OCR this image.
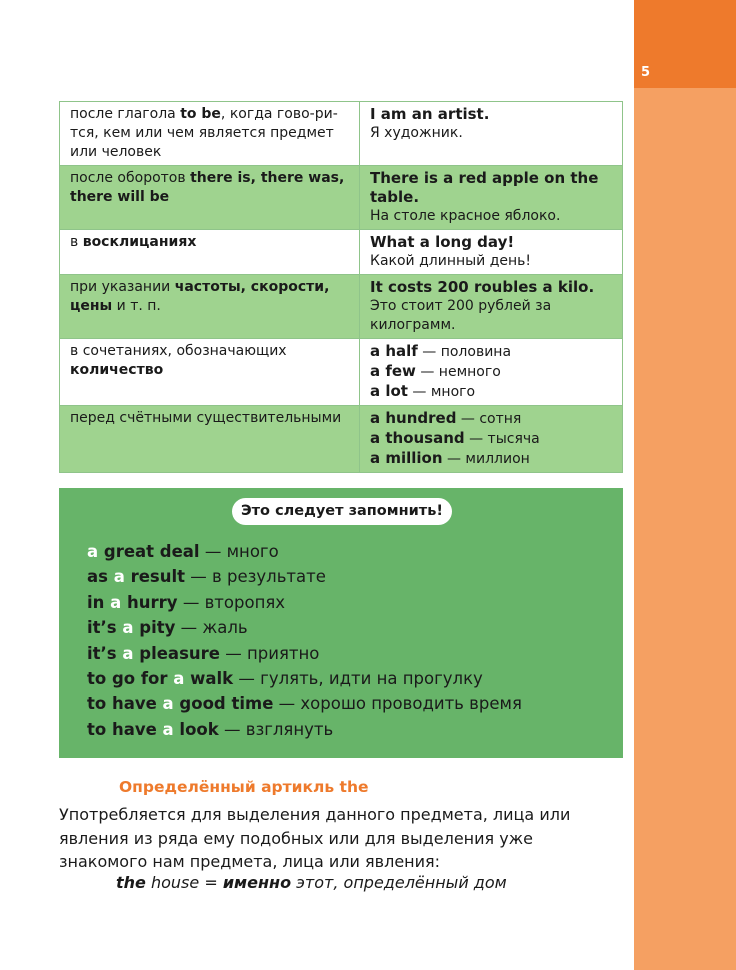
5
после глагола to be, когда гово-рится, кем или чем является предмет или человек	I am an artist.
Я художник.

после оборотов there is, there was, there will be	There is a red apple on the table.
На столе красное яблоко.

в восклицаниях	What a long day!
Какой длинный день!

при указании частоты, скорости, цены и т. п.	It costs 200 roubles a kilo.
Это стоит 200 рублей за килограмм.

в сочетаниях, обозначающих количество	a half — половина
a few — немного
a lot — много

перед счётными существительными	a hundred — сотня
a thousand — тысяча
a million — миллион
Это следует запомнить!
a great deal — много
as a result — в результате
in a hurry — второпях
it’s a pity — жаль
it’s a pleasure — приятно
to go for a walk — гулять, идти на прогулку
to have a good time — хорошо проводить время
to have a look — взглянуть
Определённый артикль the

Употребляется для выделения данного предмета, лица или явления из ряда ему подобных или для выделения уже знакомого нам предмета, лица или явления:

the house = именно этот, определённый дом
